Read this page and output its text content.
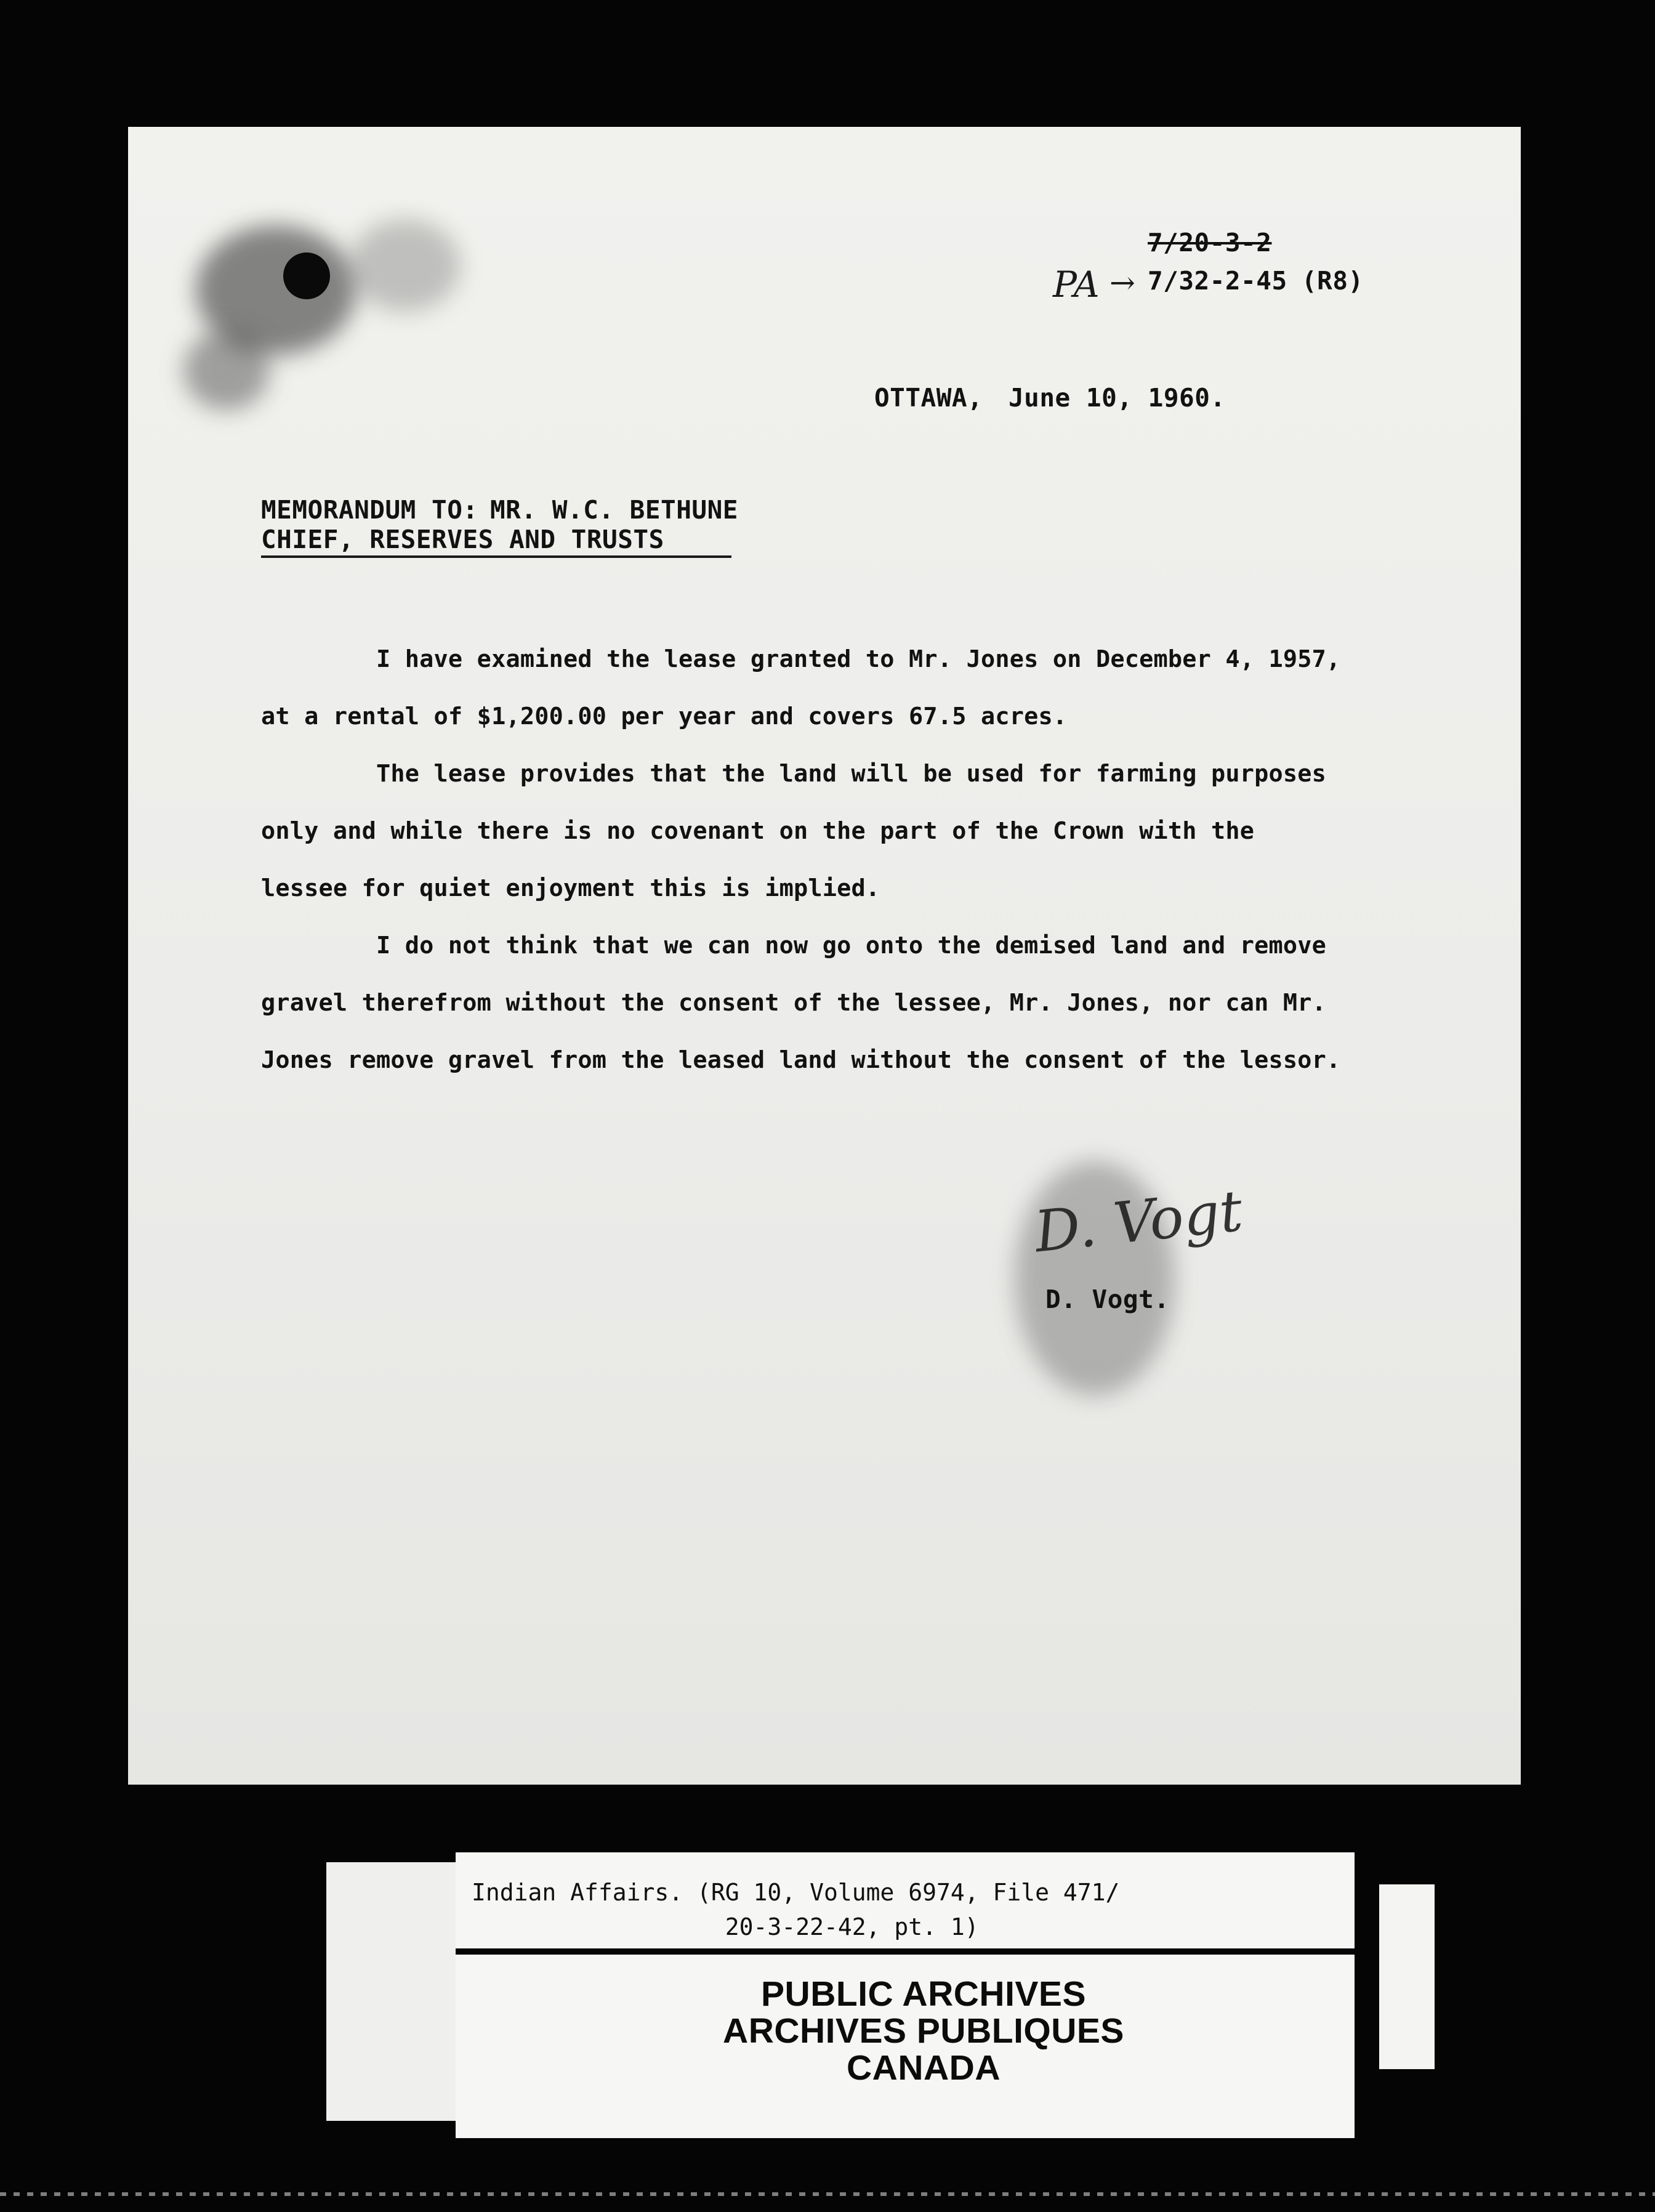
7/20-3-2
PA → 7/32-2-45 (R8)
OTTAWA, June 10, 1960.
MEMORANDUM TO: MR. W.C. BETHUNE
CHIEF, RESERVES AND TRUSTS

I have examined the lease granted to Mr. Jones on December 4, 1957,

at a rental of $1,200.00 per year and covers 67.5 acres.

The lease provides that the land will be used for farming purposes

only and while there is no covenant on the part of the Crown with the

lessee for quiet enjoyment this is implied.

I do not think that we can now go onto the demised land and remove

gravel therefrom without the consent of the lessee, Mr. Jones, nor can Mr.

Jones remove gravel from the leased land without the consent of the lessor.

D. Vogt
D. Vogt.
Indian Affairs. (RG 10, Volume 6974, File 471/
20-3-22-42, pt. 1)
PUBLIC ARCHIVES
ARCHIVES PUBLIQUES
CANADA
